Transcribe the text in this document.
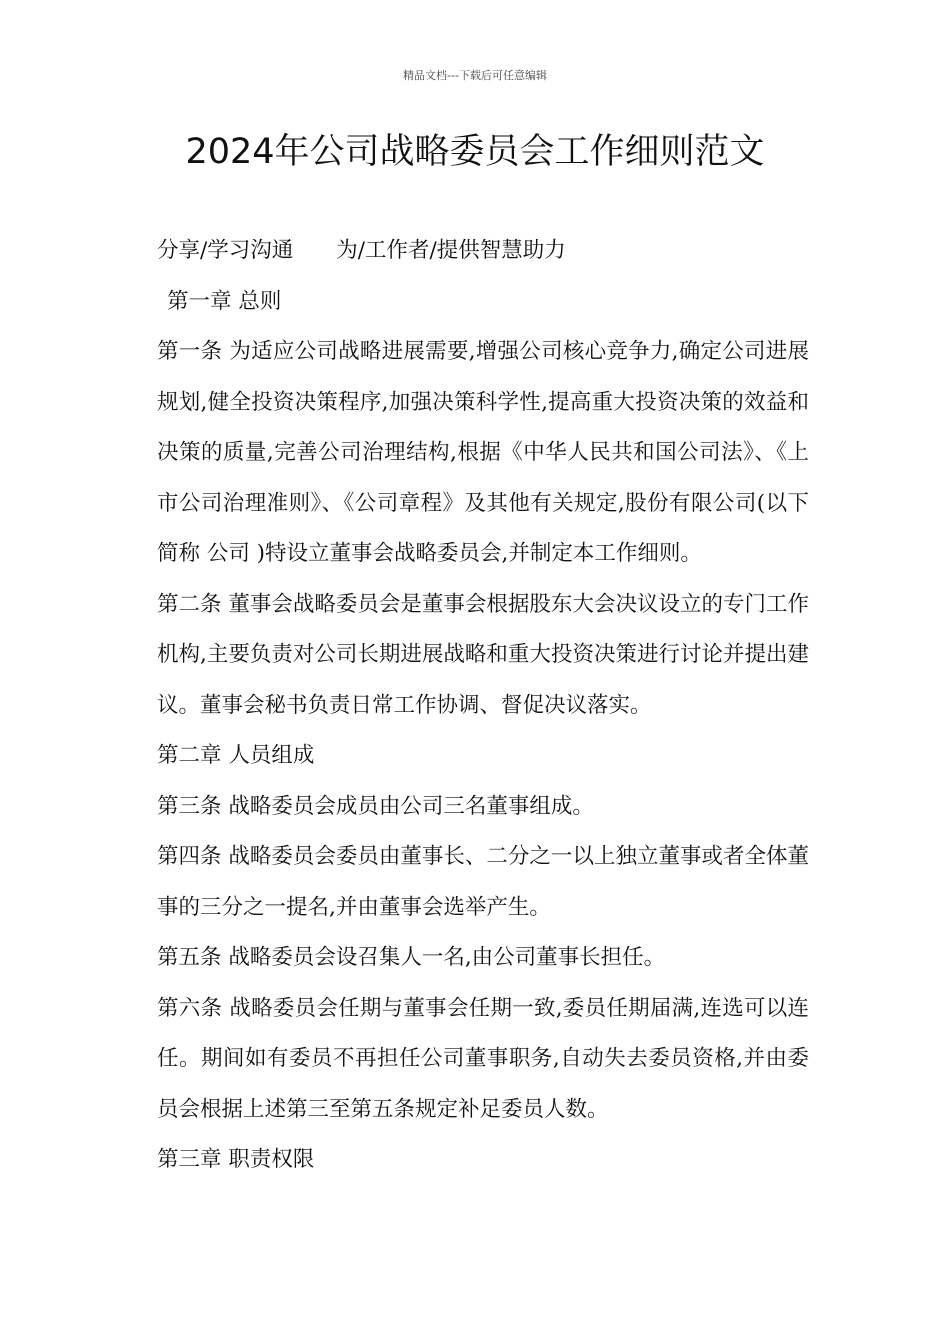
精品文档---下载后可任意编辑
2024年公司战略委员会工作细则范文

分享/学习沟通　　为/工作者/提供智慧助力

第一章 总则

第一条 为适应公司战略进展需要,增强公司核心竞争力,确定公司进展规划,健全投资决策程序,加强决策科学性,提高重大投资决策的效益和决策的质量,完善公司治理结构,根据《中华人民共和国公司法》、《上市公司治理准则》、《公司章程》及其他有关规定,股份有限公司(以下简称 公司 )特设立董事会战略委员会,并制定本工作细则。

第二条 董事会战略委员会是董事会根据股东大会决议设立的专门工作机构,主要负责对公司长期进展战略和重大投资决策进行讨论并提出建议。董事会秘书负责日常工作协调、督促决议落实。

第二章 人员组成

第三条 战略委员会成员由公司三名董事组成。

第四条 战略委员会委员由董事长、二分之一以上独立董事或者全体董事的三分之一提名,并由董事会选举产生。

第五条 战略委员会设召集人一名,由公司董事长担任。

第六条 战略委员会任期与董事会任期一致,委员任期届满,连选可以连任。期间如有委员不再担任公司董事职务,自动失去委员资格,并由委员会根据上述第三至第五条规定补足委员人数。

第三章 职责权限
